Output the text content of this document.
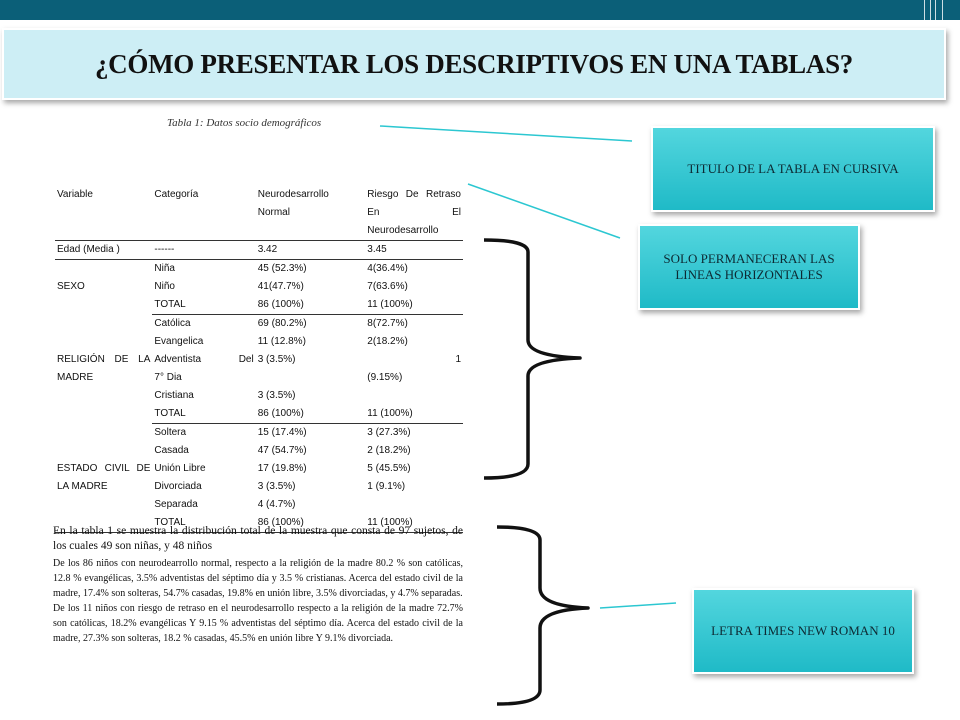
¿CÓMO PRESENTAR LOS DESCRIPTIVOS EN UNA TABLAS?
Tabla 1: Datos socio demográficos
Variable	Categoría	Neurodesarrollo Normal	Riesgo De Retraso En El Neurodesarrollo
Edad (Media )	------	3.42	3.45
SEXO	Niña	45 (52.3%)	4(36.4%)
	Niño	41(47.7%)	7(63.6%)
	TOTAL	86 (100%)	11 (100%)

RELIGIÓN DE LA MADRE	Católica	69 (80.2%)	8(72.7%)
	Evangelica	11 (12.8%)	2(18.2%)
	Adventista Del	3 (3.5%)	1
	7° Dia		(9.15%)
	Cristiana	3 (3.5%)	
	TOTAL	86 (100%)	11 (100%)

ESTADO CIVIL DE LA MADRE	Soltera	15 (17.4%)	3 (27.3%)
	Casada	47 (54.7%)	2 (18.2%)
	Unión Libre	17 (19.8%)	5 (45.5%)
	Divorciada	3 (3.5%)	1 (9.1%)
	Separada	4 (4.7%)	
	TOTAL	86 (100%)	11 (100%)
TITULO DE LA TABLA EN CURSIVA
SOLO PERMANECERAN LAS LINEAS HORIZONTALES
LETRA TIMES NEW ROMAN 10

En la tabla 1 se muestra la distribución total de la muestra que consta de 97 sujetos, de los cuales 49 son niñas, y 48 niños

De los 86 niños con neurodearrollo normal, respecto a la religión de la madre 80.2 % son católicas, 12.8 % evangélicas, 3.5% adventistas del séptimo día y 3.5 % cristianas. Acerca del estado civil de la madre, 17.4% son solteras, 54.7% casadas, 19.8% en unión libre, 3.5% divorciadas, y 4.7% separadas.

De los 11 niños con riesgo de retraso en el neurodesarrollo respecto a la religión de la madre 72.7% son católicas, 18.2% evangélicas Y 9.15 % adventistas del séptimo día. Acerca del estado civil de la madre, 27.3% son solteras, 18.2 % casadas, 45.5% en unión libre Y 9.1% divorciada.
